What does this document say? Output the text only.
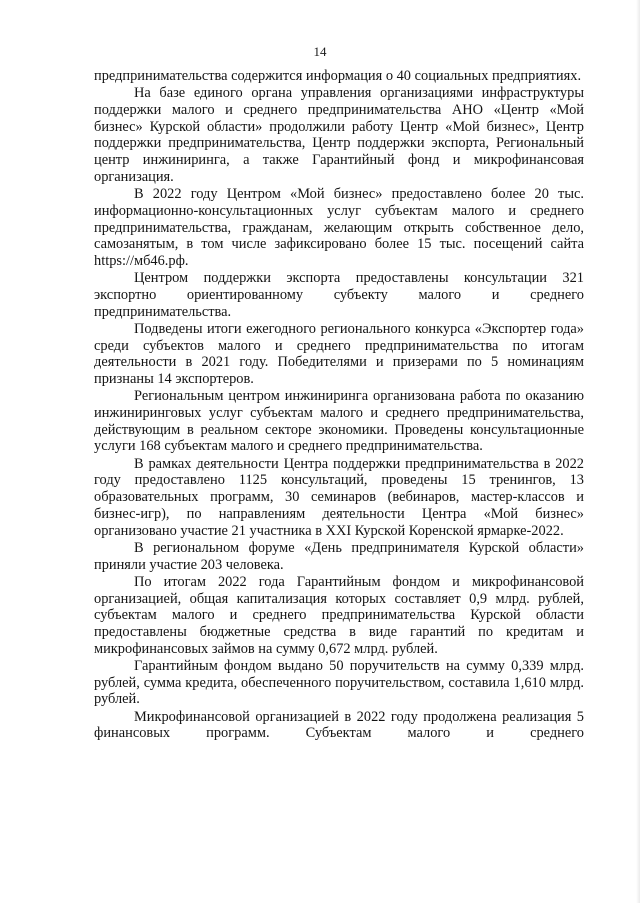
14

предпринимательства содержится информация о 40 социальных предприятиях.

На базе единого органа управления организациями инфраструктуры поддержки малого и среднего предпринимательства АНО «Центр «Мой бизнес» Курской области» продолжили работу Центр «Мой бизнес», Центр поддержки предпринимательства, Центр поддержки экспорта, Региональный центр инжиниринга, а также Гарантийный фонд и микрофинансовая организация.

В 2022 году Центром «Мой бизнес» предоставлено более 20 тыс. информационно-консультационных услуг субъектам малого и среднего предпринимательства, гражданам, желающим открыть собственное дело, самозанятым, в том числе зафиксировано более 15 тыс. посещений сайта https://мб46.рф.

Центром поддержки экспорта предоставлены консультации 321 экспортно ориентированному субъекту малого и среднего предпринимательства.

Подведены итоги ежегодного регионального конкурса «Экспортер года» среди субъектов малого и среднего предпринимательства по итогам деятельности в 2021 году. Победителями и призерами по 5 номинациям признаны 14 экспортеров.

Региональным центром инжиниринга организована работа по оказанию инжиниринговых услуг субъектам малого и среднего предпринимательства, действующим в реальном секторе экономики. Проведены консультационные услуги 168 субъектам малого и среднего предпринимательства.

В рамках деятельности Центра поддержки предпринимательства в 2022 году предоставлено 1125 консультаций, проведены 15 тренингов, 13 образовательных программ, 30 семинаров (вебинаров, мастер-классов и бизнес-игр), по направлениям деятельности Центра «Мой бизнес» организовано участие 21 участника в XXI Курской Коренской ярмарке-2022.

В региональном форуме «День предпринимателя Курской области» приняли участие 203 человека.

По итогам 2022 года Гарантийным фондом и микрофинансовой организацией, общая капитализация которых составляет 0,9 млрд. рублей, субъектам малого и среднего предпринимательства Курской области предоставлены бюджетные средства в виде гарантий по кредитам и микрофинансовых займов на сумму 0,672 млрд. рублей.

Гарантийным фондом выдано 50 поручительств на сумму 0,339 млрд. рублей, сумма кредита, обеспеченного поручительством, составила 1,610 млрд. рублей.

Микрофинансовой организацией в 2022 году продолжена реализация 5 финансовых программ. Субъектам малого и среднего
